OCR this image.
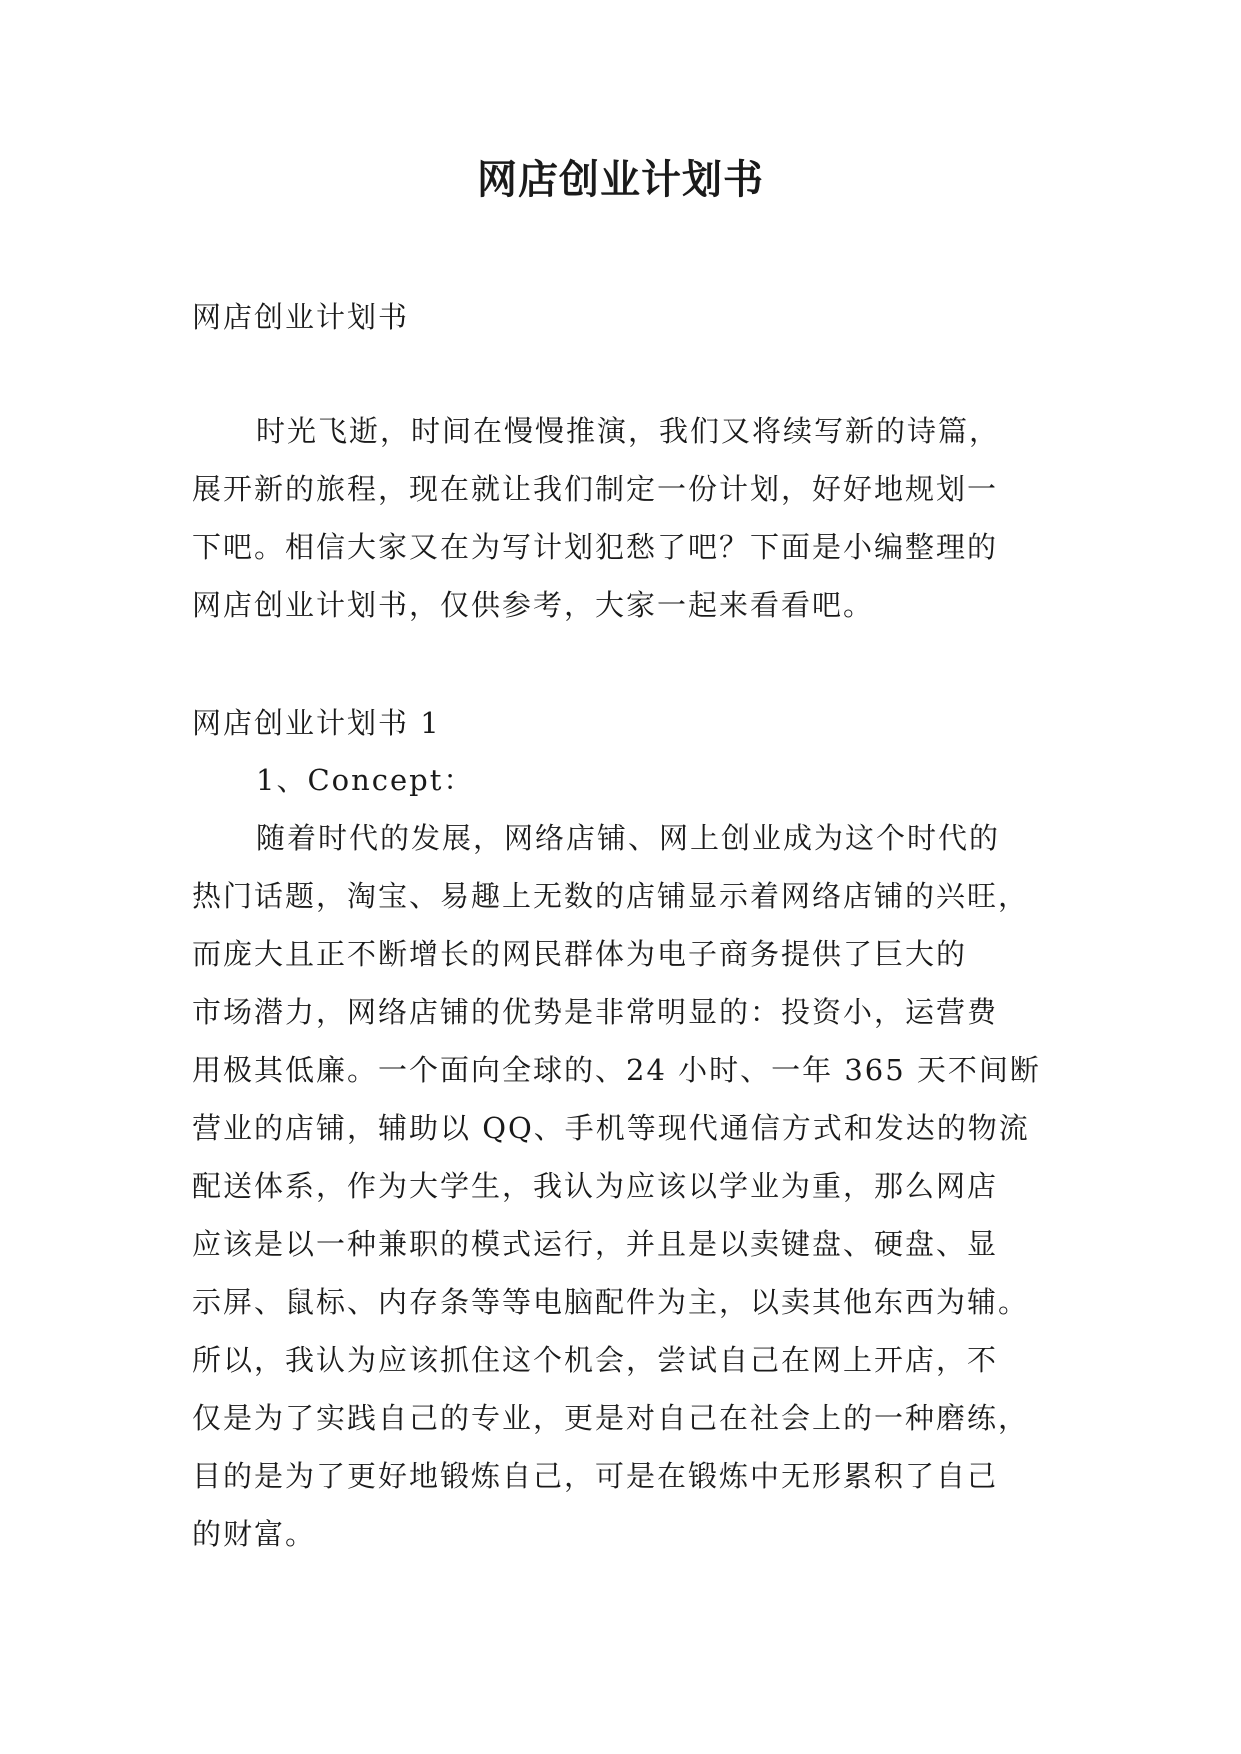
网店创业计划书

网店创业计划书

时光飞逝，时间在慢慢推演，我们又将续写新的诗篇，
展开新的旅程，现在就让我们制定一份计划，好好地规划一
下吧。相信大家又在为写计划犯愁了吧？下面是小编整理的
网店创业计划书，仅供参考，大家一起来看看吧。

网店创业计划书 1

1、Concept：
随着时代的发展，网络店铺、网上创业成为这个时代的
热门话题，淘宝、易趣上无数的店铺显示着网络店铺的兴旺，
而庞大且正不断增长的网民群体为电子商务提供了巨大的
市场潜力，网络店铺的优势是非常明显的：投资小，运营费
用极其低廉。一个面向全球的、24 小时、一年 365 天不间断
营业的店铺，辅助以 QQ、手机等现代通信方式和发达的物流
配送体系，作为大学生，我认为应该以学业为重，那么网店
应该是以一种兼职的模式运行，并且是以卖键盘、硬盘、显
示屏、鼠标、内存条等等电脑配件为主，以卖其他东西为辅。
所以，我认为应该抓住这个机会，尝试自己在网上开店，不
仅是为了实践自己的专业，更是对自己在社会上的一种磨练，
目的是为了更好地锻炼自己，可是在锻炼中无形累积了自己
的财富。
